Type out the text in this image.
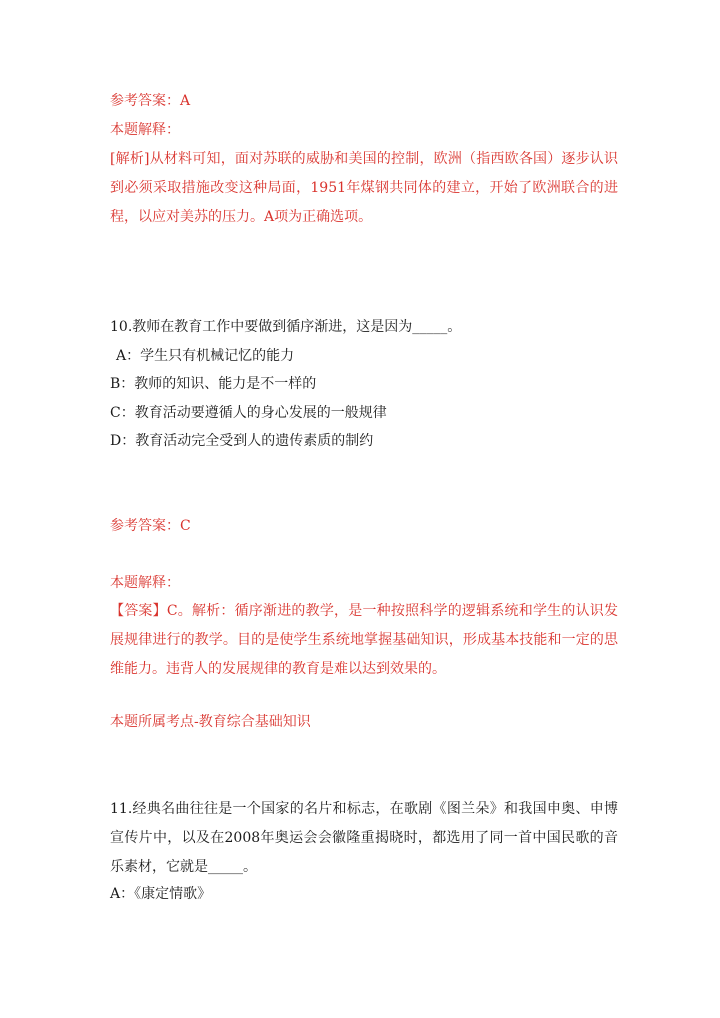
参考答案：A
本题解释：
[解析]从材料可知，面对苏联的威胁和美国的控制，欧洲（指西欧各国）逐步认识到必须采取措施改变这种局面，1951年煤钢共同体的建立，开始了欧洲联合的进程，以应对美苏的压力。A项为正确选项。
10.教师在教育工作中要做到循序渐进，这是因为_____。
A：学生只有机械记忆的能力
B：教师的知识、能力是不一样的
C：教育活动要遵循人的身心发展的一般规律
D：教育活动完全受到人的遗传素质的制约
参考答案：C
本题解释：
【答案】C。解析：循序渐进的教学，是一种按照科学的逻辑系统和学生的认识发展规律进行的教学。目的是使学生系统地掌握基础知识，形成基本技能和一定的思维能力。违背人的发展规律的教育是难以达到效果的。
本题所属考点-教育综合基础知识
11.经典名曲往往是一个国家的名片和标志，在歌剧《图兰朵》和我国申奥、申博宣传片中，以及在2008年奥运会会徽隆重揭晓时，都选用了同一首中国民歌的音乐素材，它就是_____。
A：《康定情歌》
